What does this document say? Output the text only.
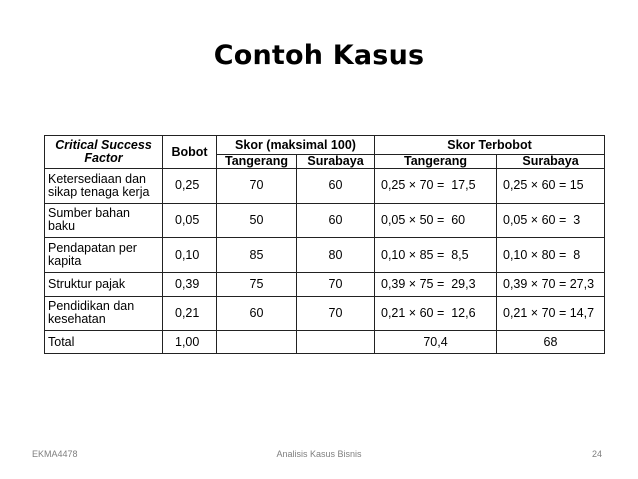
Contoh Kasus
Critical Success Factor	Bobot	Skor (maksimal 100)		Skor Terbobot	
		Tangerang	Surabaya	Tangerang	Surabaya
Ketersediaan dan sikap tenaga kerja	0,25	70	60	0,25 × 70 =  17,5	0,25 × 60 = 15
Sumber bahan baku	0,05	50	60	0,05 × 50 =  60	0,05 × 60 =  3
Pendapatan per kapita	0,10	85	80	0,10 × 85 =  8,5	0,10 × 80 =  8
Struktur pajak	0,39	75	70	0,39 × 75 =  29,3	0,39 × 70 = 27,3
Pendidikan dan kesehatan	0,21	60	70	0,21 × 60 =  12,6	0,21 × 70 = 14,7
Total	1,00			70,4	68
EKMA4478	Analisis Kasus Bisnis	24
